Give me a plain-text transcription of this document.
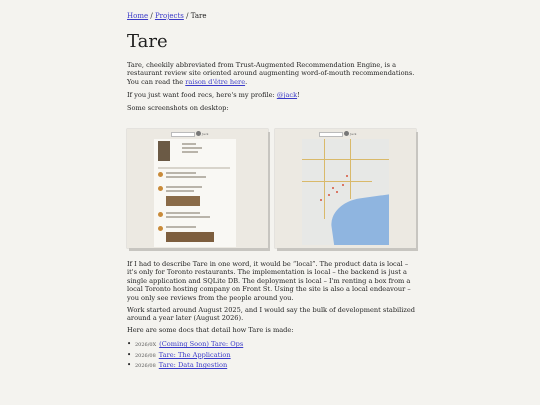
Home / Projects / Tare
Tare

Tare, cheekily abbreviated from Trust-Augmented Recommendation Engine, is a restaurant review site oriented around augmenting word-of-mouth recommendations. You can read the raison d'être here.

If you just want food recs, here's my profile: @jack!

Some screenshots on desktop:

Jack	Jack

If I had to describe Tare in one word, it would be “local”. The product data is local – it's only for Toronto restaurants. The implementation is local – the backend is just a single application and SQLite DB. The deployment is local – I'm renting a box from a local Toronto hosting company on Front St. Using the site is also a local endeavour – you only see reviews from the people around you.

Work started around August 2025, and I would say the bulk of development stabilized around a year later (August 2026).

Here are some docs that detail how Tare is made:

• 2026/0X (Coming Soon) Tare: Ops
• 2026/08 Tare: The Application
• 2026/08 Tare: Data Ingestion
